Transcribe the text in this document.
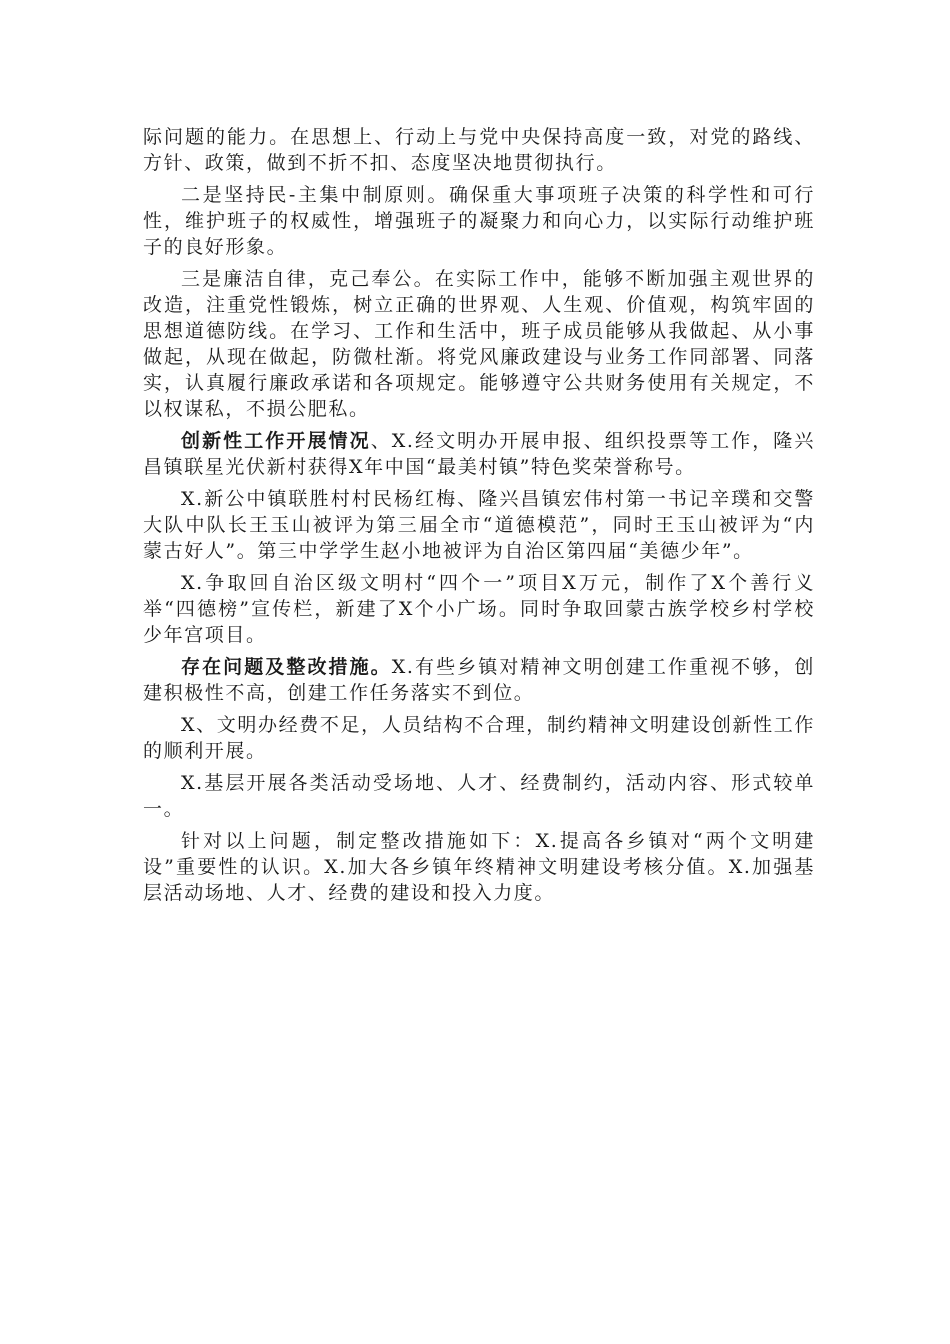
际问题的能力。在思想上、行动上与党中央保持高度一致，对党的路线、方针、政策，做到不折不扣、态度坚决地贯彻执行。

二是坚持民-主集中制原则。确保重大事项班子决策的科学性和可行性，维护班子的权威性，增强班子的凝聚力和向心力，以实际行动维护班子的良好形象。

三是廉洁自律，克己奉公。在实际工作中，能够不断加强主观世界的改造，注重党性锻炼，树立正确的世界观、人生观、价值观，构筑牢固的思想道德防线。在学习、工作和生活中，班子成员能够从我做起、从小事做起，从现在做起，防微杜渐。将党风廉政建设与业务工作同部署、同落实，认真履行廉政承诺和各项规定。能够遵守公共财务使用有关规定，不以权谋私，不损公肥私。

创新性工作开展情况、X.经文明办开展申报、组织投票等工作，隆兴昌镇联星光伏新村获得X年中国“最美村镇”特色奖荣誉称号。

X.新公中镇联胜村村民杨红梅、隆兴昌镇宏伟村第一书记辛璞和交警大队中队长王玉山被评为第三届全市“道德模范”，同时王玉山被评为“内蒙古好人”。第三中学学生赵小地被评为自治区第四届“美德少年”。

X.争取回自治区级文明村“四个一”项目X万元，制作了X个善行义举“四德榜”宣传栏，新建了X个小广场。同时争取回蒙古族学校乡村学校少年宫项目。

存在问题及整改措施。X.有些乡镇对精神文明创建工作重视不够，创建积极性不高，创建工作任务落实不到位。

X、文明办经费不足，人员结构不合理，制约精神文明建设创新性工作的顺利开展。

X.基层开展各类活动受场地、人才、经费制约，活动内容、形式较单一。

针对以上问题，制定整改措施如下：X.提高各乡镇对“两个文明建设”重要性的认识。X.加大各乡镇年终精神文明建设考核分值。X.加强基层活动场地、人才、经费的建设和投入力度。
